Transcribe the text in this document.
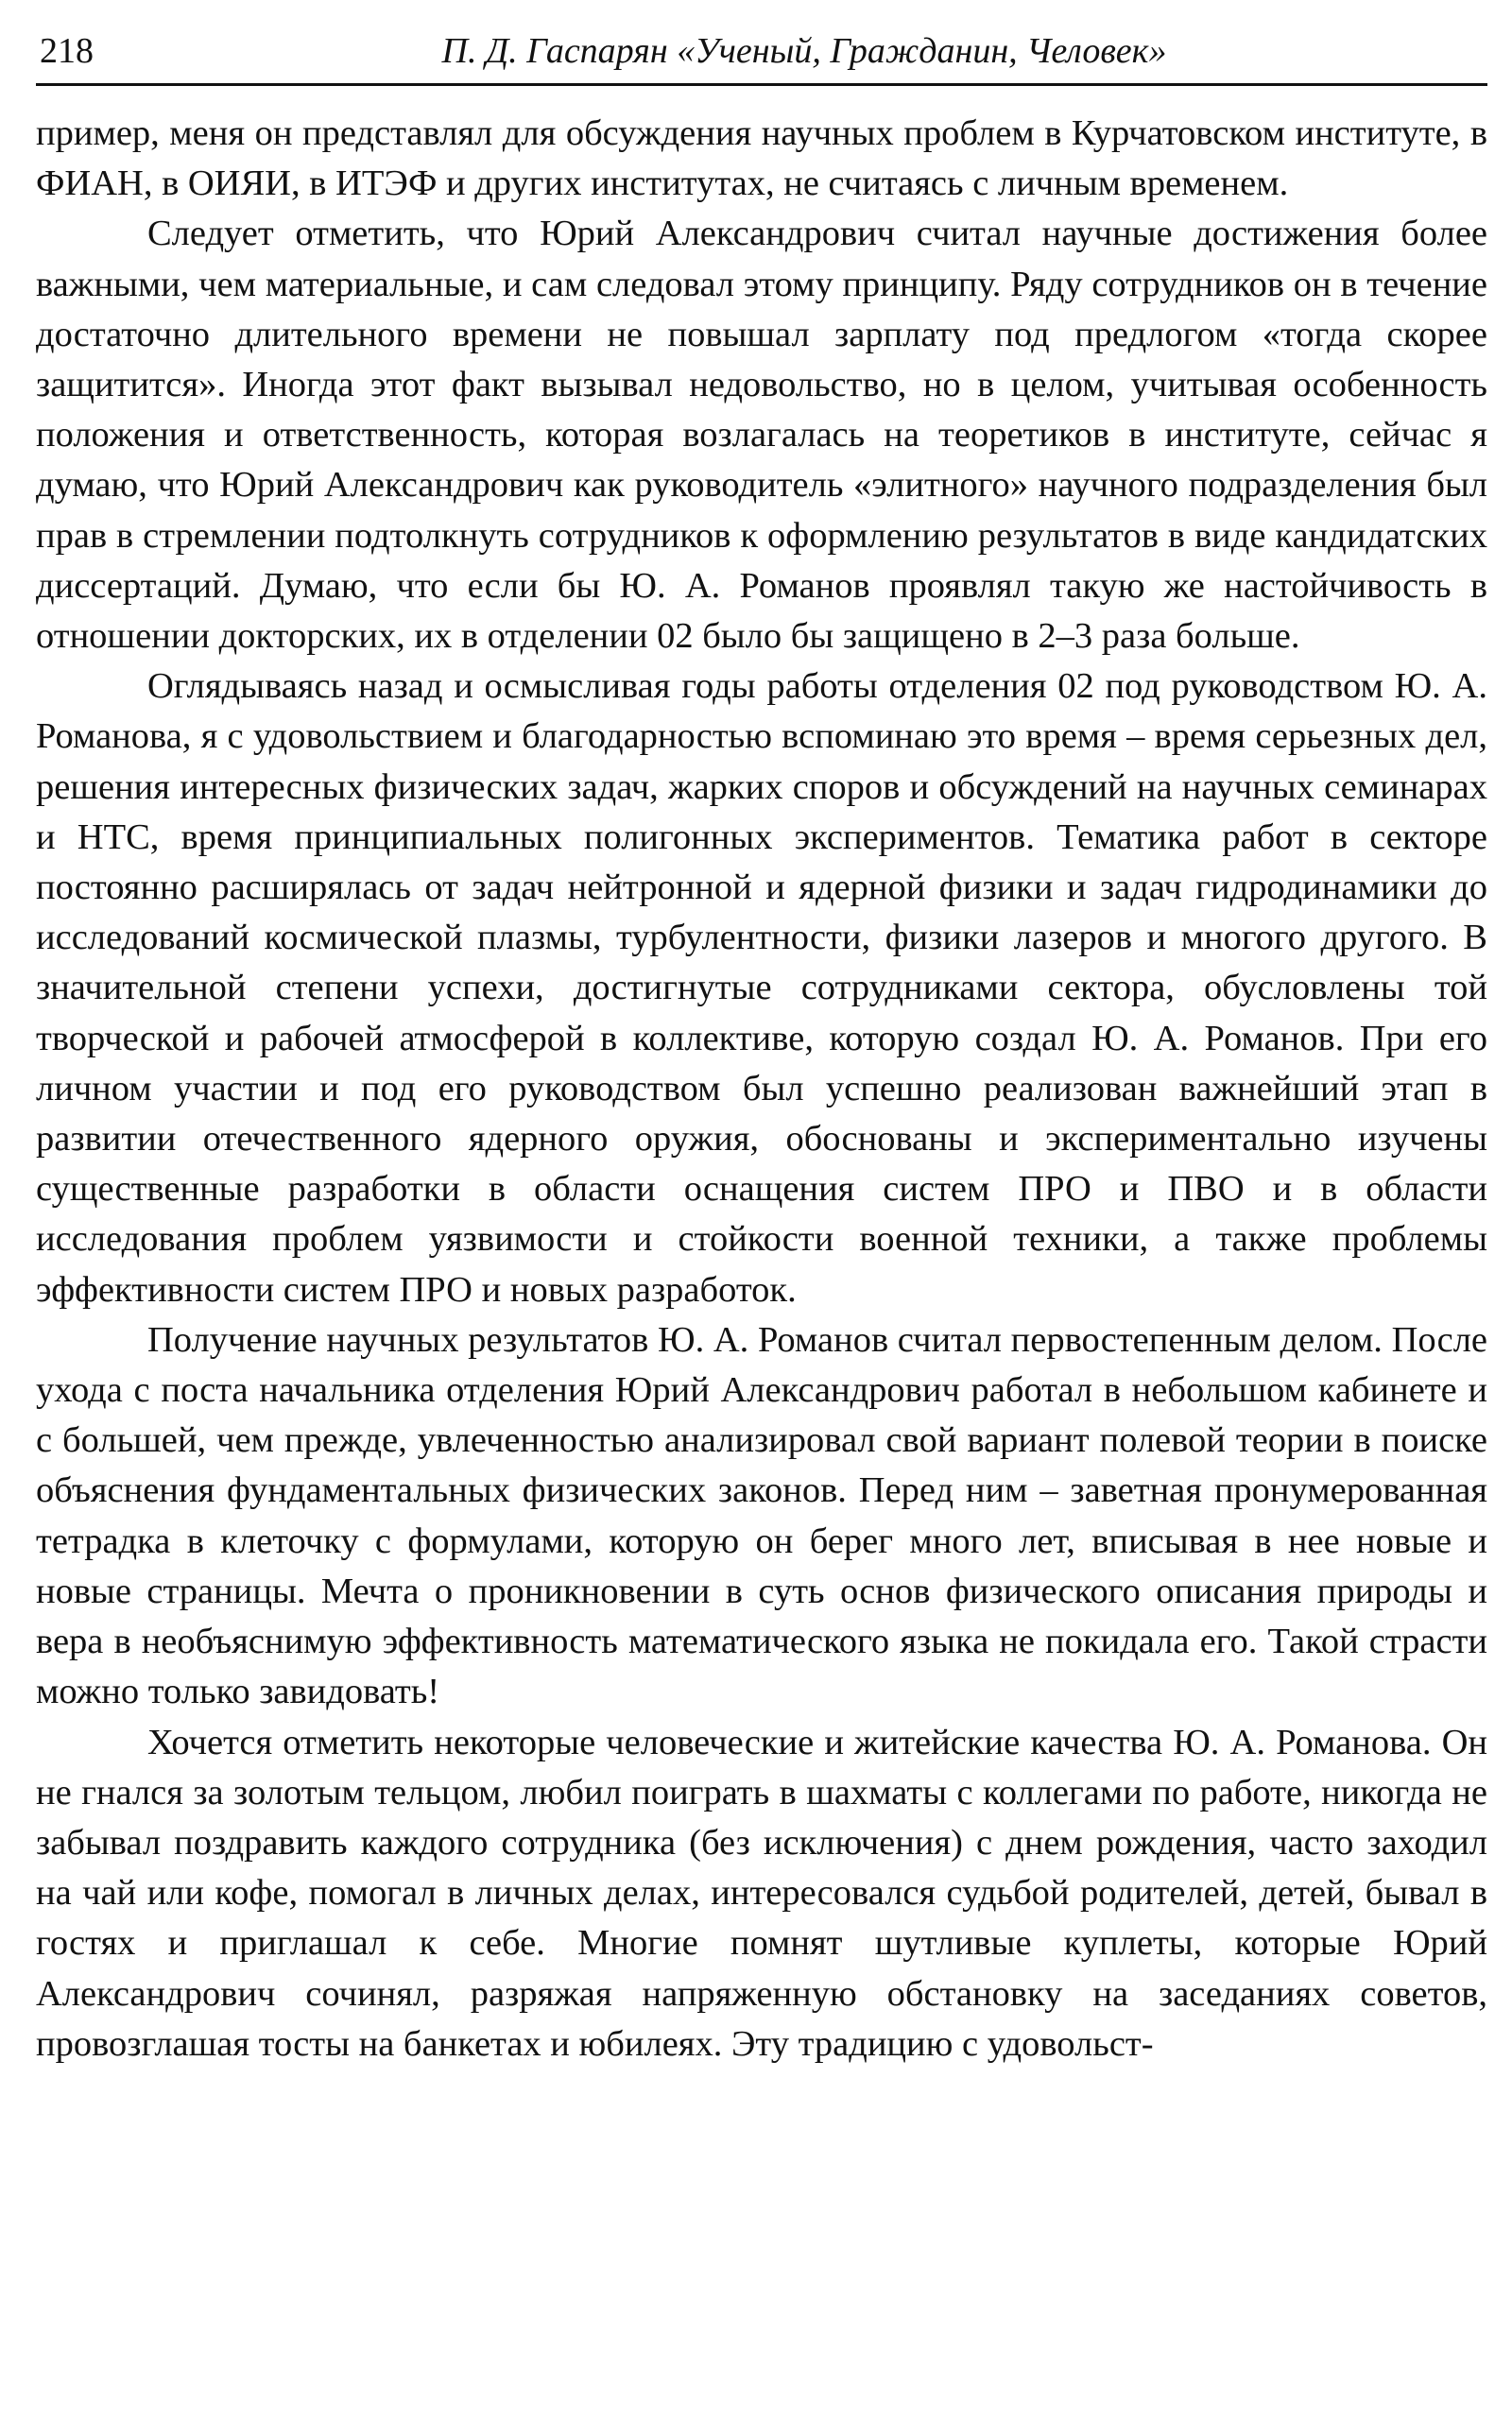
218	П. Д. Гаспарян «Ученый, Гражданин, Человек»

пример, меня он представлял для обсуждения научных проблем в Курчатовском институте, в ФИАН, в ОИЯИ, в ИТЭФ и других институтах, не считаясь с личным временем.

Следует отметить, что Юрий Александрович считал научные достижения более важными, чем материальные, и сам следовал этому принципу. Ряду сотрудников он в течение достаточно длительного времени не повышал зарплату под предлогом «тогда скорее защитится». Иногда этот факт вызывал недовольство, но в целом, учитывая особенность положения и ответственность, которая возлагалась на теоретиков в институте, сейчас я думаю, что Юрий Александрович как руководитель «элитного» научного подразделения был прав в стремлении подтолкнуть сотрудников к оформлению результатов в виде кандидатских диссертаций. Думаю, что если бы Ю. А. Романов проявлял такую же настойчивость в отношении докторских, их в отделении 02 было бы защищено в 2–3 раза больше.

Оглядываясь назад и осмысливая годы работы отделения 02 под руководством Ю. А. Романова, я с удовольствием и благодарностью вспоминаю это время – время серьезных дел, решения интересных физических задач, жарких споров и обсуждений на научных семинарах и НТС, время принципиальных полигонных экспериментов. Тематика работ в секторе постоянно расширялась от задач нейтронной и ядерной физики и задач гидродинамики до исследований космической плазмы, турбулентности, физики лазеров и многого другого. В значительной степени успехи, достигнутые сотрудниками сектора, обусловлены той творческой и рабочей атмосферой в коллективе, которую создал Ю. А. Романов. При его личном участии и под его руководством был успешно реализован важнейший этап в развитии отечественного ядерного оружия, обоснованы и экспериментально изучены существенные разработки в области оснащения систем ПРО и ПВО и в области исследования проблем уязвимости и стойкости военной техники, а также проблемы эффективности систем ПРО и новых разработок.

Получение научных результатов Ю. А. Романов считал первостепенным делом. После ухода с поста начальника отделения Юрий Александрович работал в небольшом кабинете и с большей, чем прежде, увлеченностью анализировал свой вариант полевой теории в поиске объяснения фундаментальных физических законов. Перед ним – заветная пронумерованная тетрадка в клеточку с формулами, которую он берег много лет, вписывая в нее новые и новые страницы. Мечта о проникновении в суть основ физического описания природы и вера в необъяснимую эффективность математического языка не покидала его. Такой страсти можно только завидовать!

Хочется отметить некоторые человеческие и житейские качества Ю. А. Романова. Он не гнался за золотым тельцом, любил поиграть в шахматы с коллегами по работе, никогда не забывал поздравить каждого сотрудника (без исключения) с днем рождения, часто заходил на чай или кофе, помогал в личных делах, интересовался судьбой родителей, детей, бывал в гостях и приглашал к себе. Многие помнят шутливые куплеты, которые Юрий Александрович сочинял, разряжая напряженную обстановку на заседаниях советов, провозглашая тосты на банкетах и юбилеях. Эту традицию с удовольст-
